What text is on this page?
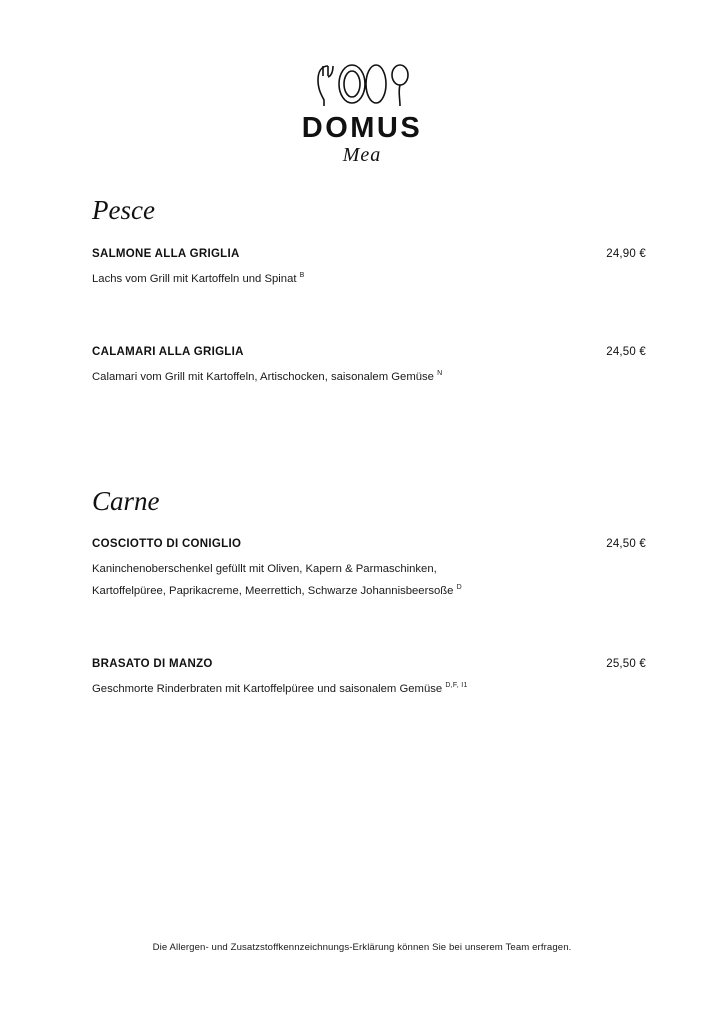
DOMUS
Mea
Pesce
SALMONE ALLA GRIGLIA	24,90 €
Lachs vom Grill mit Kartoffeln und Spinat $^B$
CALAMARI ALLA GRIGLIA	24,50 €
Calamari vom Grill mit Kartoffeln, Artischocken, saisonalem Gemüse $^N$
Carne
COSCIOTTO DI CONIGLIO	24,50 €
Kaninchenoberschenkel gefüllt mit Oliven, Kapern & Parmaschinken,
Kartoffelpüree, Paprikacreme, Meerrettich, Schwarze Johannisbeersoße $^D$
BRASATO DI MANZO	25,50 €
Geschmorte Rinderbraten mit Kartoffelpüree und saisonalem Gemüse $^{D,F, I1}$
Die Allergen- und Zusatzstoffkennzeichnungs-Erklärung können Sie bei unserem Team erfragen.
